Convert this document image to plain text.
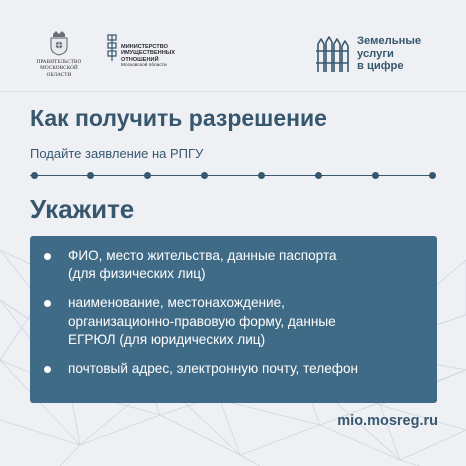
ПРАВИТЕЛЬСТВО
МОСКОВСКОЙ
ОБЛАСТИ
МИНИСТЕРСТВО
ИМУЩЕСТВЕННЫХ
ОТНОШЕНИЙ
Московской области
Земельные
услуги
в цифре
Как получить разрешение
Подайте заявление на РПГУ
Укажите
ФИО, место жительства, данные паспорта
(для физических лиц)
наименование, местонахождение,
организационно-правовую форму, данные
ЕГРЮЛ (для юридических лиц)
почтовый адрес, электронную почту, телефон
mio.mosreg.ru
